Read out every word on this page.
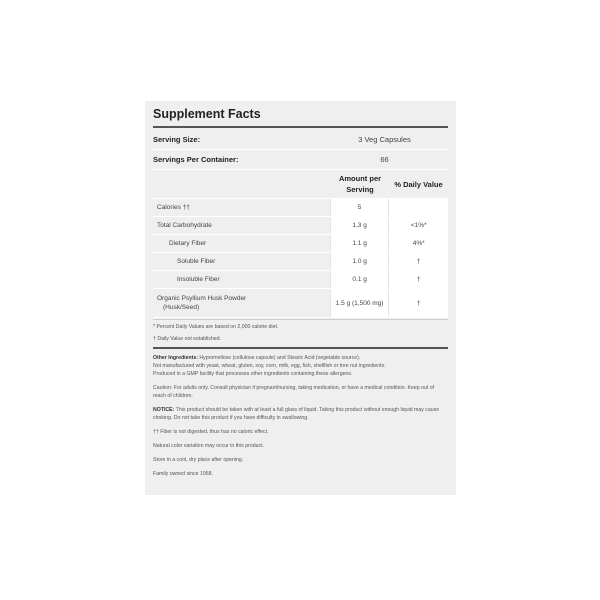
Supplement Facts
Serving Size:	3 Veg Capsules
Servings Per Container:	66
Amount per
Serving
% Daily Value
Calories ††	5
Total Carbohydrate	1.3 g	<1%*
Dietary Fiber	1.1 g	4%*
Soluble Fiber	1.0 g	†
Insoluble Fiber	0.1 g	†
Organic Psyllium Husk Powder
(Husk/Seed)
1.5 g (1,500 mg)	†
* Percent Daily Values are based on 2,000 calorie diet.
† Daily Value not established.
Other Ingredients: Hypromellose (cellulose capsule) and Stearic Acid (vegetable source).
Not manufactured with yeast, wheat, gluten, soy, corn, milk, egg, fish, shellfish or tree nut ingredients.
Produced in a GMP facility that processes other ingredients containing these allergens.
Caution: For adults only. Consult physician if pregnant/nursing, taking medication, or have a medical condition. Keep out of reach of children.
NOTICE: This product should be taken with at least a full glass of liquid. Taking this product without enough liquid may cause choking. Do not take this product if you have difficulty in swallowing.
†† Fiber is not digested, thus has no caloric effect.
Natural color variation may occur in this product.
Store in a cool, dry place after opening.
Family owned since 1968.
